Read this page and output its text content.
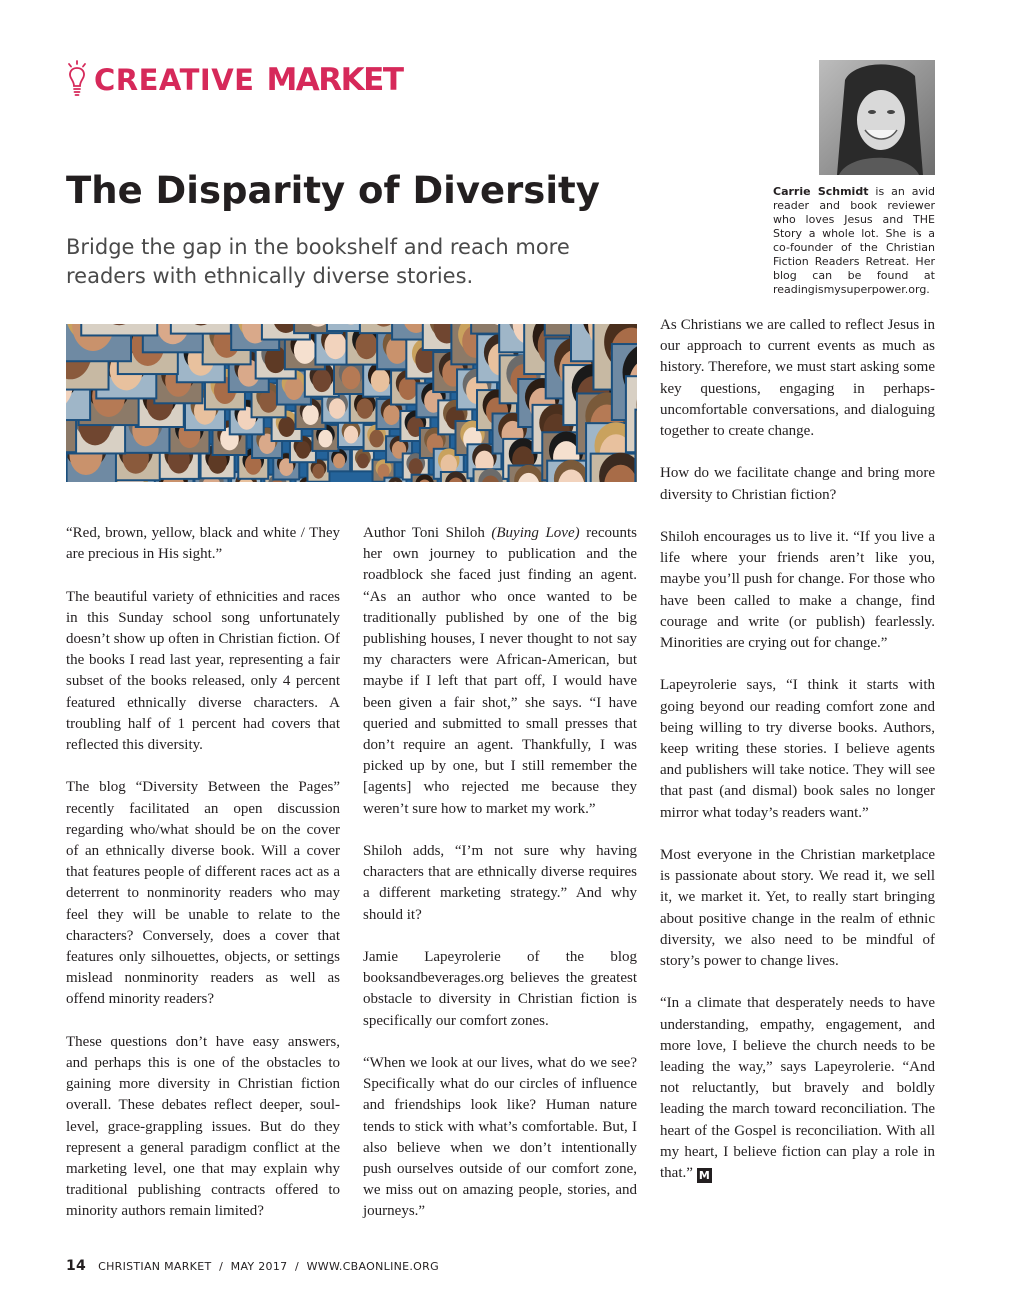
CREATIVE MARKET
The Disparity of Diversity
Bridge the gap in the bookshelf and reach more readers with ethnically diverse stories.
Carrie Schmidt is an avid reader and book reviewer who loves Jesus and THE Story a whole lot. She is a co-founder of the Christian Fiction Readers Retreat. Her blog can be found at readingismysuperpower.org.

“Red, brown, yellow, black and white / They are precious in His sight.”

The beautiful variety of ethnicities and races in this Sunday school song unfortunately doesn’t show up often in Christian fiction. Of the books I read last year, representing a fair subset of the books released, only 4 percent featured ethnically diverse characters. A troubling half of 1 percent had covers that reflected this diversity.

The blog “Diversity Between the Pages” recently facilitated an open discussion regarding who/what should be on the cover of an ethnically diverse book. Will a cover that features people of different races act as a deterrent to nonminority readers who may feel they will be unable to relate to the characters? Conversely, does a cover that features only silhouettes, objects, or settings mislead nonminority readers as well as offend minority readers?

These questions don’t have easy answers, and perhaps this is one of the obstacles to gaining more diversity in Christian fiction overall. These debates reflect deeper, soul-level, grace-grappling issues. But do they represent a general paradigm conflict at the marketing level, one that may explain why traditional publishing contracts offered to minority authors remain limited?

Author Toni Shiloh (Buying Love) recounts her own journey to publication and the roadblock she faced just finding an agent. “As an author who once wanted to be traditionally published by one of the big publishing houses, I never thought to not say my characters were African-American, but maybe if I left that part off, I would have been given a fair shot,” she says. “I have queried and submitted to small presses that don’t require an agent. Thankfully, I was picked up by one, but I still remember the [agents] who rejected me because they weren’t sure how to market my work.”

Shiloh adds, “I’m not sure why having characters that are ethnically diverse requires a different marketing strategy.” And why should it?

Jamie Lapeyrolerie of the blog booksandbeverages.org believes the greatest obstacle to diversity in Christian fiction is specifically our comfort zones.

“When we look at our lives, what do we see? Specifically what do our circles of influence and friendships look like? Human nature tends to stick with what’s comfortable. But, I also believe when we don’t intentionally push ourselves outside of our comfort zone, we miss out on amazing people, stories, and journeys.”

As Christians we are called to reflect Jesus in our approach to current events as much as history. Therefore, we must start asking some key questions, engaging in perhaps-uncomfortable conversations, and dialoguing together to create change.

How do we facilitate change and bring more diversity to Christian fiction?

Shiloh encourages us to live it. “If you live a life where your friends aren’t like you, maybe you’ll push for change. For those who have been called to make a change, find courage and write (or publish) fearlessly. Minorities are crying out for change.”

Lapeyrolerie says, “I think it starts with going beyond our reading comfort zone and being willing to try diverse books. Authors, keep writing these stories. I believe agents and publishers will take notice. They will see that past (and dismal) book sales no longer mirror what today’s readers want.”

Most everyone in the Christian marketplace is passionate about story. We read it, we sell it, we market it. Yet, to really start bringing about positive change in the realm of ethnic diversity, we also need to be mindful of story’s power to change lives.

“In a climate that desperately needs to have understanding, empathy, engagement, and more love, I believe the church needs to be leading the way,” says Lapeyrolerie. “And not reluctantly, but bravely and boldly leading the march toward reconciliation. The heart of the Gospel is reconciliation. With all my heart, I believe fiction can play a role in that.” M

14 CHRISTIAN MARKET  /  MAY 2017  /  WWW.CBAONLINE.ORG
